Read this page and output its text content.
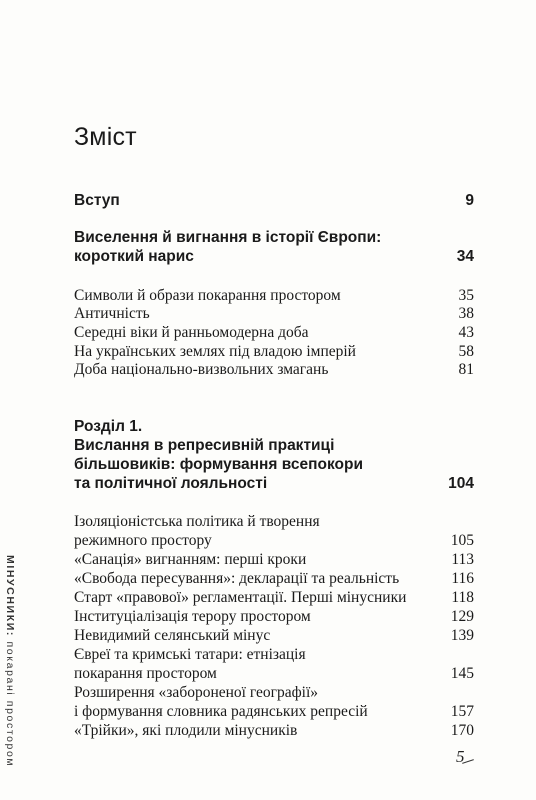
Зміст
Вступ	9
Виселення й вигнання в історії Європи:
короткий нарис	34
Символи й образи покарання простором	35
Античність	38
Середні віки й ранньомодерна доба	43
На українських землях під владою імперій	58
Доба національно-визвольних змагань	81
Розділ 1.
Вислання в репресивній практиці
більшовиків: формування всепокори
та політичної лояльності	104
Ізоляціоністська політика й творення
режимного простору	105
«Санація» вигнанням: перші кроки	113
«Свобода пересування»: декларації та реальність	116
Старт «правової» регламентації. Перші мінусники	118
Інституціалізація терору простором	129
Невидимий селянський мінус	139
Євреї та кримські татари: етнізація
покарання простором	145
Розширення «забороненої географії»
і формування словника радянських репресій	157
«Трійки», які плодили мінусників	170
МІНУСНИКИ: покарані простором	5
